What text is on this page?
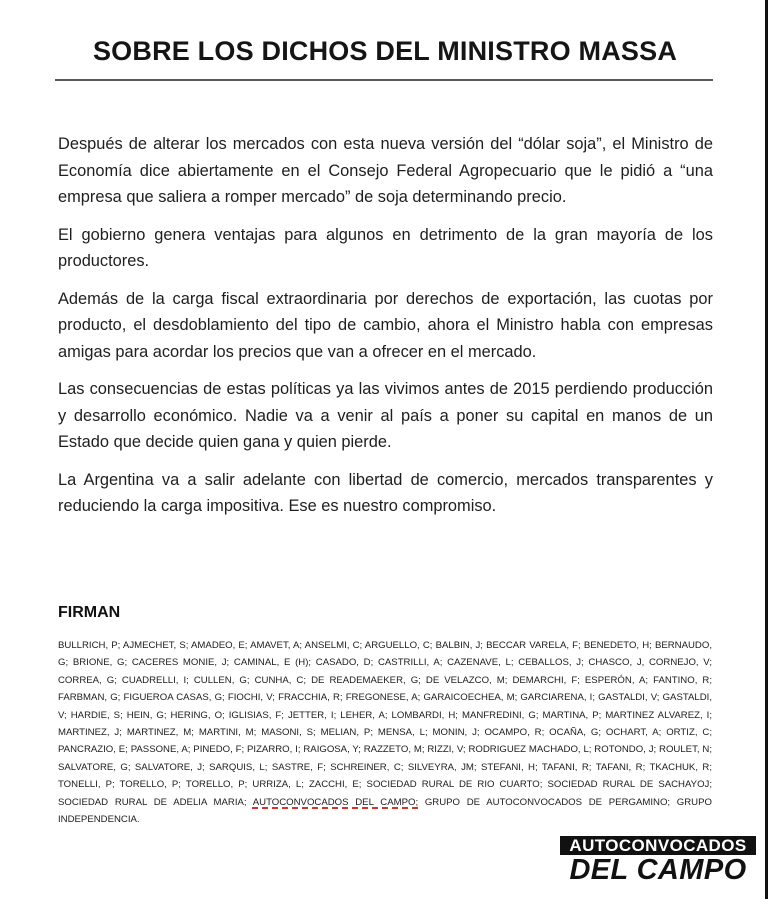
SOBRE LOS DICHOS DEL MINISTRO MASSA

Después de alterar los mercados con esta nueva versión del “dólar soja”, el Ministro de Economía dice abiertamente en el Consejo Federal Agropecuario que le pidió a “una empresa que saliera a romper mercado” de soja determinando precio.

El gobierno genera ventajas para algunos en detrimento de la gran mayoría de los productores.

Además de la carga fiscal extraordinaria por derechos de exportación, las cuotas por producto, el desdoblamiento del tipo de cambio, ahora el Ministro habla con empresas amigas para acordar los precios que van a ofrecer en el mercado.

Las consecuencias de estas políticas ya las vivimos antes de 2015 perdiendo producción y desarrollo económico. Nadie va a venir al país a poner su capital en manos de un Estado que decide quien gana y quien pierde.

La Argentina va a salir adelante con libertad de comercio, mercados transparentes y reduciendo la carga impositiva. Ese es nuestro compromiso.

FIRMAN
BULLRICH, P; AJMECHET, S; AMADEO, E; AMAVET, A; ANSELMI, C; ARGUELLO, C; BALBIN, J; BECCAR VARELA, F; BENEDETO, H; BERNAUDO, G; BRIONE, G; CACERES MONIE, J; CAMINAL, E (H); CASADO, D; CASTRILLI, A; CAZENAVE, L; CEBALLOS, J; CHASCO, J, CORNEJO, V; CORREA, G; CUADRELLI, I; CULLEN, G; CUNHA, C; DE READEMAEKER, G; DE VELAZCO, M; DEMARCHI, F; ESPERÓN, A; FANTINO, R; FARBMAN, G; FIGUEROA CASAS, G; FIOCHI, V; FRACCHIA, R; FREGONESE, A; GARAICOECHEA, M; GARCIARENA, I; GASTALDI, V; GASTALDI, V; HARDIE, S; HEIN, G; HERING, O; IGLISIAS, F; JETTER, I; LEHER, A; LOMBARDI, H; MANFREDINI, G; MARTINA, P; MARTINEZ ALVAREZ, I; MARTINEZ, J; MARTINEZ, M; MARTINI, M; MASONI, S; MELIAN, P; MENSA, L; MONIN, J; OCAMPO, R; OCAÑA, G; OCHART, A; ORTIZ, C; PANCRAZIO, E; PASSONE, A; PINEDO, F; PIZARRO, I; RAIGOSA, Y; RAZZETO, M; RIZZI, V; RODRIGUEZ MACHADO, L; ROTONDO, J; ROULET, N; SALVATORE, G; SALVATORE, J; SARQUIS, L; SASTRE, F; SCHREINER, C; SILVEYRA, JM; STEFANI, H; TAFANI, R; TAFANI, R; TKACHUK, R; TONELLI, P; TORELLO, P; TORELLO, P; URRIZA, L; ZACCHI, E; SOCIEDAD RURAL DE RIO CUARTO; SOCIEDAD RURAL DE SACHAYOJ; SOCIEDAD RURAL DE ADELIA MARIA; AUTOCONVOCADOS DEL CAMPO; GRUPO DE AUTOCONVOCADOS DE PERGAMINO; GRUPO INDEPENDENCIA.
AUTOCONVOCADOS
DEL CAMPO
